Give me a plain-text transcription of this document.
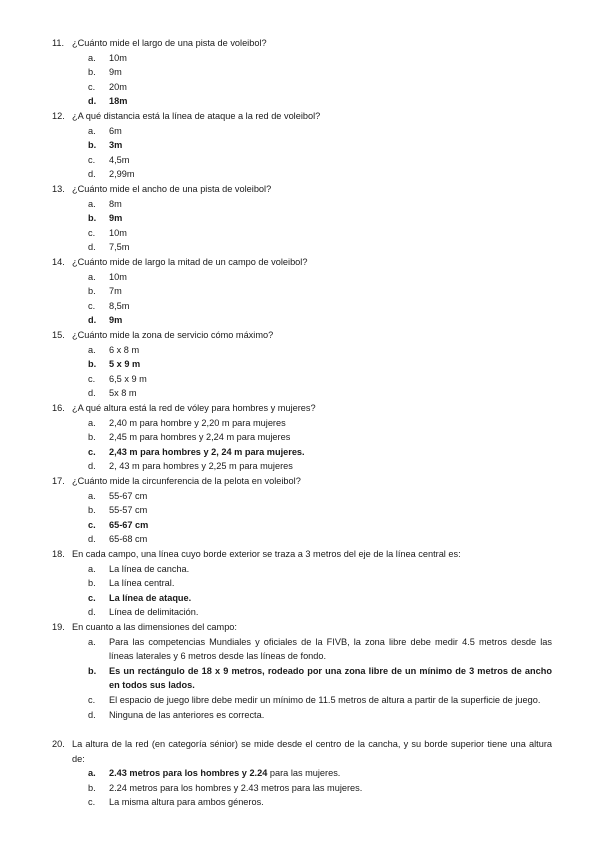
11. ¿Cuánto mide el largo de una pista de voleibol?
a. 10m
b. 9m
c. 20m
d. 18m
12. ¿A qué distancia está la línea de ataque a la red de voleibol?
a. 6m
b. 3m
c. 4,5m
d. 2,99m
13. ¿Cuánto mide el ancho de una pista de voleibol?
a. 8m
b. 9m
c. 10m
d. 7,5m
14. ¿Cuánto mide de largo la mitad de un campo de voleibol?
a. 10m
b. 7m
c. 8,5m
d. 9m
15. ¿Cuánto mide la zona de servicio cómo máximo?
a. 6 x 8 m
b. 5 x 9 m
c. 6,5 x 9 m
d. 5x 8 m
16. ¿A qué altura está la red de vóley para hombres y mujeres?
a. 2,40 m para hombre y 2,20 m para mujeres
b. 2,45 m para hombres y 2,24 m para mujeres
c. 2,43 m para hombres y 2, 24 m para mujeres.
d. 2, 43 m para hombres y 2,25 m para mujeres
17. ¿Cuánto mide la circunferencia de la pelota en voleibol?
a. 55-67 cm
b. 55-57 cm
c. 65-67 cm
d. 65-68 cm
18. En cada campo, una línea cuyo borde exterior se traza a 3 metros del eje de la línea central es:
a. La línea de cancha.
b. La línea central.
c. La línea de ataque.
d. Línea de delimitación.
19. En cuanto a las dimensiones del campo:
a. Para las competencias Mundiales y oficiales de la FIVB, la zona libre debe medir 4.5 metros desde las líneas laterales y 6 metros desde las líneas de fondo.
b. Es un rectángulo de 18 x 9 metros, rodeado por una zona libre de un mínimo de 3 metros de ancho en todos sus lados.
c. El espacio de juego libre debe medir un mínimo de 11.5 metros de altura a partir de la superficie de juego.
d. Ninguna de las anteriores es correcta.
20. La altura de la red (en categoría sénior) se mide desde el centro de la cancha, y su borde superior tiene una altura de:
a. 2.43 metros para los hombres y 2.24 para las mujeres.
b. 2.24 metros para los hombres y 2.43 metros para las mujeres.
c. La misma altura para ambos géneros.
